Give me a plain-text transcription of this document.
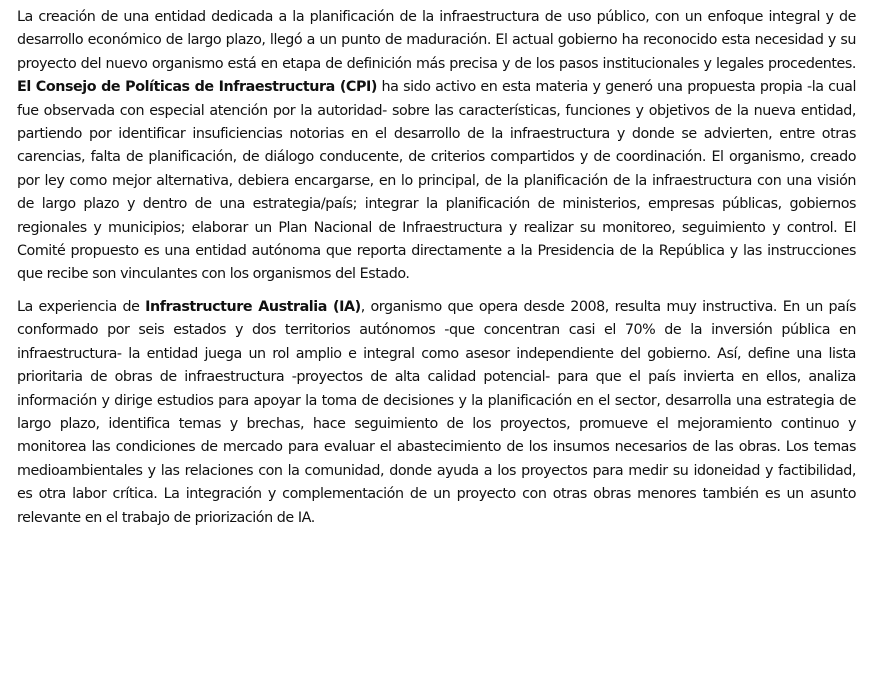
La creación de una entidad dedicada a la planificación de la infraestructura de uso público, con un enfoque integral y de desarrollo económico de largo plazo, llegó a un punto de maduración. El actual gobierno ha reconocido esta necesidad y su proyecto del nuevo organismo está en etapa de definición más precisa y de los pasos institucionales y legales procedentes. El Consejo de Políticas de Infraestructura (CPI) ha sido activo en esta materia y generó una propuesta propia -la cual fue observada con especial atención por la autoridad- sobre las características, funciones y objetivos de la nueva entidad, partiendo por identificar insuficiencias notorias en el desarrollo de la infraestructura y donde se advierten, entre otras carencias, falta de planificación, de diálogo conducente, de criterios compartidos y de coordinación. El organismo, creado por ley como mejor alternativa, debiera encargarse, en lo principal, de la planificación de la infraestructura con una visión de largo plazo y dentro de una estrategia/país; integrar la planificación de ministerios, empresas públicas, gobiernos regionales y municipios; elaborar un Plan Nacional de Infraestructura y realizar su monitoreo, seguimiento y control. El Comité propuesto es una entidad autónoma que reporta directamente a la Presidencia de la República y las instrucciones que recibe son vinculantes con los organismos del Estado.

La experiencia de Infrastructure Australia (IA), organismo que opera desde 2008, resulta muy instructiva. En un país conformado por seis estados y dos territorios autónomos -que concentran casi el 70% de la inversión pública en infraestructura- la entidad juega un rol amplio e integral como asesor independiente del gobierno. Así, define una lista prioritaria de obras de infraestructura -proyectos de alta calidad potencial- para que el país invierta en ellos, analiza información y dirige estudios para apoyar la toma de decisiones y la planificación en el sector, desarrolla una estrategia de largo plazo, identifica temas y brechas, hace seguimiento de los proyectos, promueve el mejoramiento continuo y monitorea las condiciones de mercado para evaluar el abastecimiento de los insumos necesarios de las obras. Los temas medioambientales y las relaciones con la comunidad, donde ayuda a los proyectos para medir su idoneidad y factibilidad, es otra labor crítica. La integración y complementación de un proyecto con otras obras menores también es un asunto relevante en el trabajo de priorización de IA.
